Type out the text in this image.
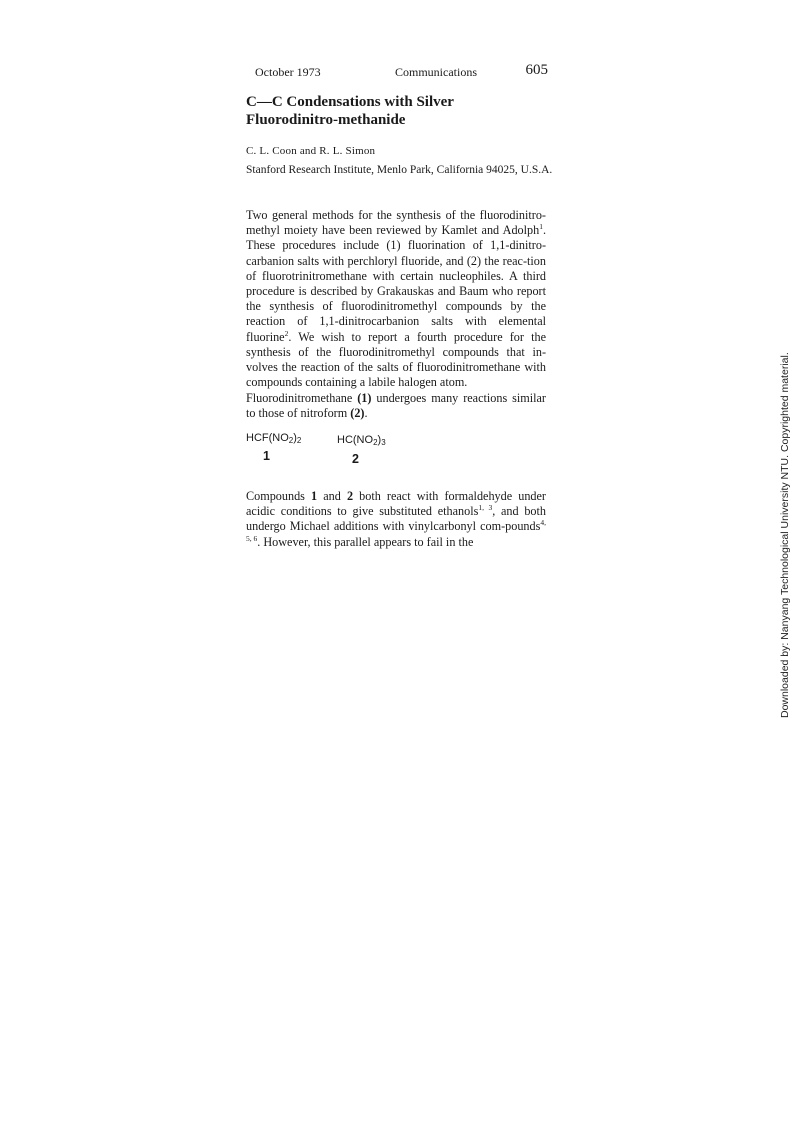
October 1973	Communications	605
C—C Condensations with Silver Fluorodinitro-methanide
C. L. Coon and R. L. Simon
Stanford Research Institute, Menlo Park, California 94025, U.S.A.

Two general methods for the synthesis of the fluorodinitro-methyl moiety have been reviewed by Kamlet and Adolph$^1$. These procedures include (1) fluorination of 1,1-dinitro-carbanion salts with perchloryl fluoride, and (2) the reac-tion of fluorotrinitromethane with certain nucleophiles. A third procedure is described by Grakauskas and Baum who report the synthesis of fluorodinitromethyl compounds by the reaction of 1,1-dinitrocarbanion salts with elemental fluorine$^2$. We wish to report a fourth procedure for the synthesis of the fluorodinitromethyl compounds that in-volves the reaction of the salts of fluorodinitromethane with compounds containing a labile halogen atom.

Fluorodinitromethane (1) undergoes many reactions similar to those of nitroform (2).

$HCF(NO_2)_2$	$HC(NO_2)_3$
1	2

Compounds 1 and 2 both react with formaldehyde under acidic conditions to give substituted ethanols$^{1, 3}$, and both undergo Michael additions with vinylcarbonyl com-pounds$^{4, 5, 6}$. However, this parallel appears to fail in the	Downloaded by: Nanyang Technological University NTU. Copyrighted material.
